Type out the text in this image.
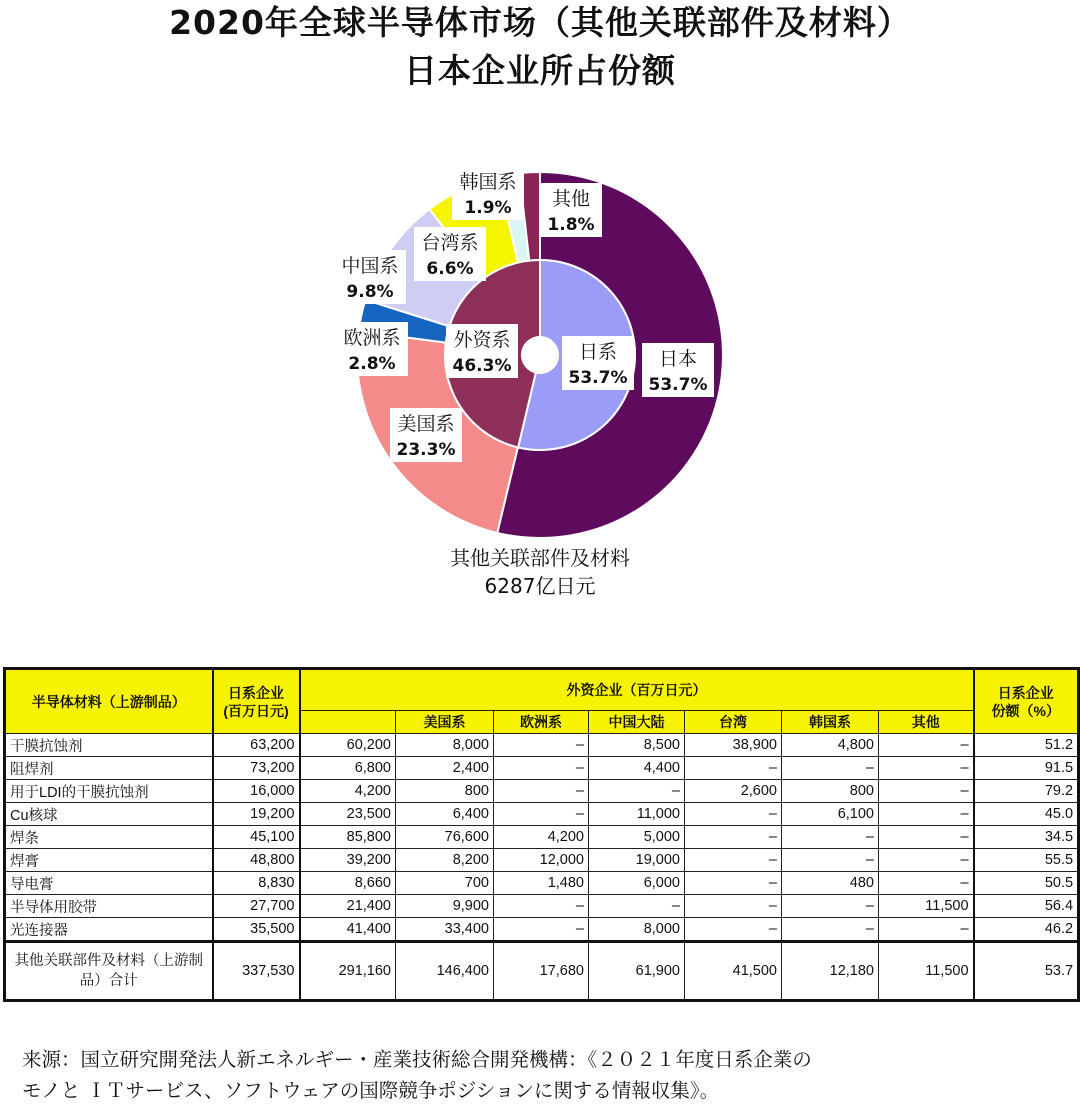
2020年全球半导体市场（其他关联部件及材料）
日本企业所占份额
日本
53.7%
美国系
23.3%
欧洲系
2.8%
中国系
9.8%
台湾系
6.6%
韩国系
1.9% 其他
1.8%
日系
53.7%
外资系
46.3%
其他关联部件及材料
6287亿日元
半导体材料（上游制品）	日系企业
(百万日元)	外资企业（百万日元）							日系企业
份额（%）
			美国系	欧洲系	中国大陆	台湾	韩国系	其他	
干膜抗蚀剂	63,200	60,200	8,000	–	8,500	38,900	4,800	–	51.2
阻焊剂	73,200	6,800	2,400	–	4,400	–	–	–	91.5
用于LDI的干膜抗蚀剂	16,000	4,200	800	–	–	2,600	800	–	79.2
Cu核球	19,200	23,500	6,400	–	11,000	–	6,100	–	45.0
焊条	45,100	85,800	76,600	4,200	5,000	–	–	–	34.5
焊膏	48,800	39,200	8,200	12,000	19,000	–	–	–	55.5
导电膏	8,830	8,660	700	1,480	6,000	–	480	–	50.5
半导体用胶带	27,700	21,400	9,900	–	–	–	–	11,500	56.4
光连接器	35,500	41,400	33,400	–	8,000	–	–	–	46.2
其他关联部件及材料（上游制品）合计	337,530	291,160	146,400	17,680	61,900	41,500	12,180	11,500	53.7
来源：国立研究開発法人新エネルギー・産業技術総合開発機構：《２０２１年度日系企業の
モノと ＩＴサービス、ソフトウェアの国際競争ポジションに関する情報収集》。
